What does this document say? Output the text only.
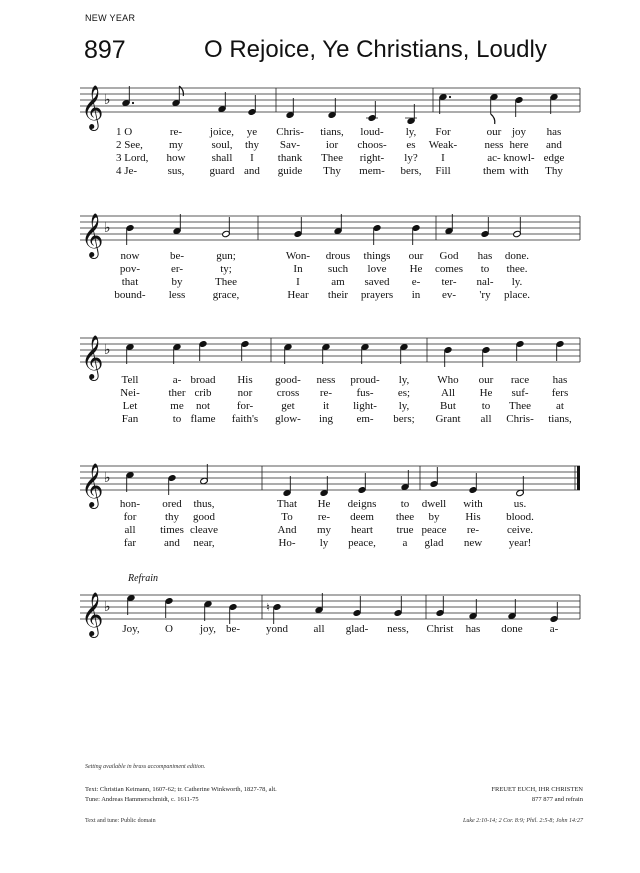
NEW YEAR
897	O Rejoice, Ye Christians, Loudly
𝄞 ♭
1 O	re-	joice, ye Chris- tians, loud- ly, For	our joy has
2 See, my	soul, thy Sav- ior choos- es Weak- ness here and
3 Lord, how shall I thank Thee right- ly? I	ac- knowl- edge
4 Je-	sus, guard and guide Thy mem- bers, Fill	them with Thy
𝄞 ♭
now	be-	gun;	Won- drous things our God has done.
pov-	er-	ty;	In such love He comes to thee.
that	by	Thee	I	am saved e- ter- nal- ly.
bound- less grace,	Hear their prayers in ev- 'ry place.
𝄞 ♭
Tell	a- broad His good- ness proud- ly,	Who our race has
Nei-	ther crib nor cross re- fus- es;	All He suf- fers
Let	me not for-	get	it light- ly,	But to Thee at
Fan	to flame faith's glow- ing em- bers; Grant all Chris- tians,
𝄞 ♭
hon- ored thus,	That He deigns to dwell with	us.
for	thy good	To re- deem thee by His blood.
all times cleave	And my heart true peace re-	ceive.
far	and near,	Ho- ly peace, a glad new year!
Refrain
𝄞 ♭	♮
Joy, O joy, be- yond all glad- ness, Christ has done a-
Setting available in brass accompaniment edition.
Text: Christian Keimann, 1607-62; tr. Catherine Winkworth, 1827-78, alt.
Tune: Andreas Hammerschmidt, c. 1611-75
FREUET EUCH, IHR CHRISTEN
877 877 and refrain
Text and tune: Public domain	Luke 2:10-14; 2 Cor. 8:9; Phil. 2:5-8; John 14:27
